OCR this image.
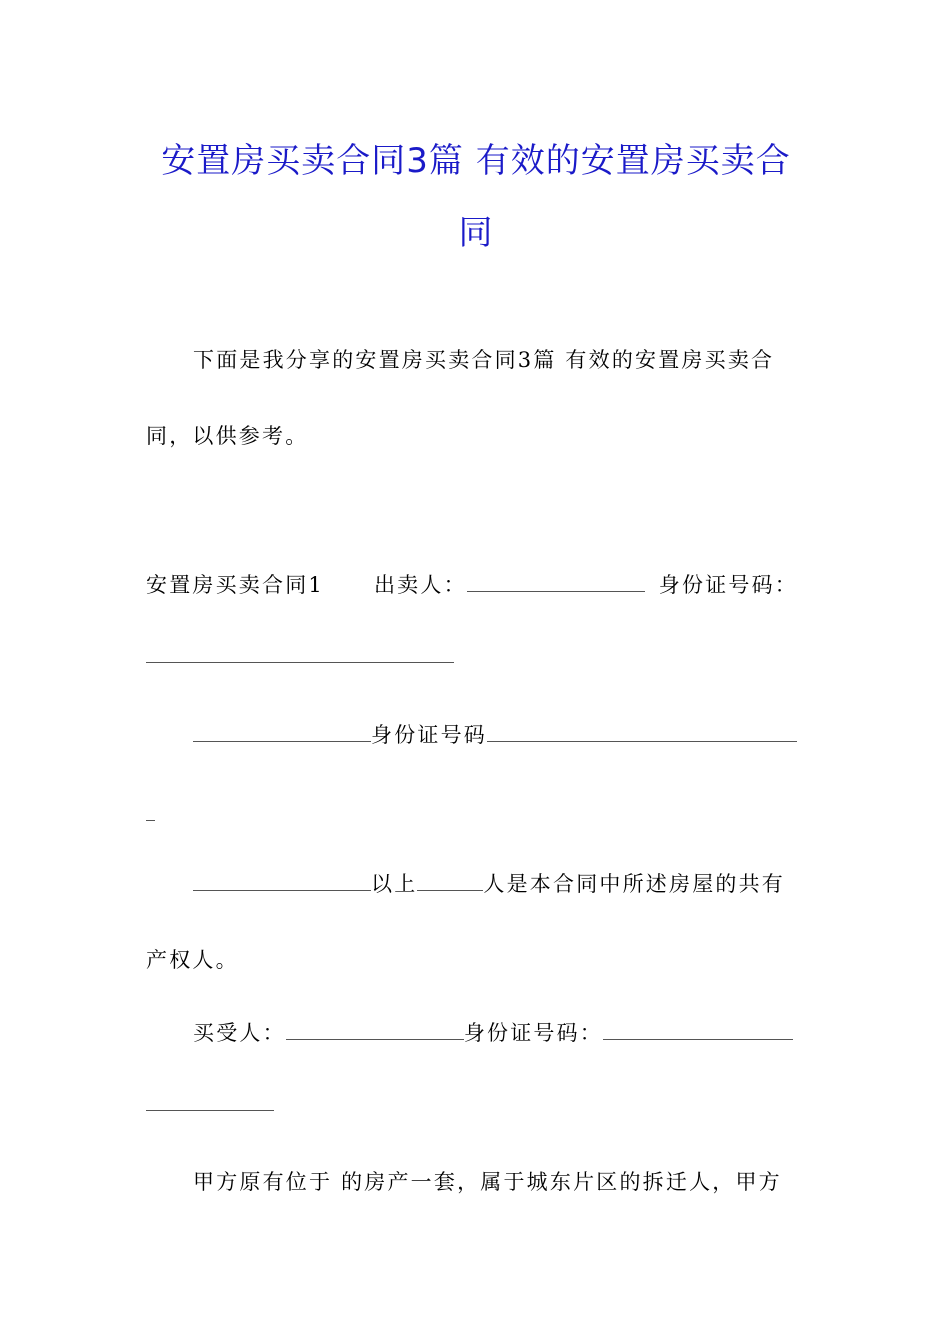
安置房买卖合同3篇 有效的安置房买卖合
同
下面是我分享的安置房买卖合同3篇 有效的安置房买卖合
同，以供参考。
安置房买卖合同1 出卖人：	身份证号码：
身份证号码
以上	人是本合同中所述房屋的共有
产权人。
买受人：	身份证号码：
甲方原有位于 的房产一套，属于城东片区的拆迁人，甲方
